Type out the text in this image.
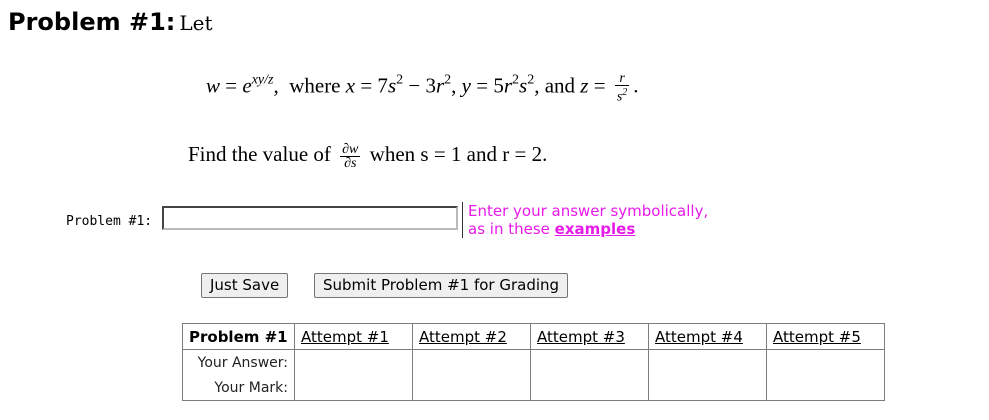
Problem #1: Let
$w = e^{xy/z}$,  where $x = 7s^2 - 3r^2$, $y = 5r^2s^2$, and $z = \frac{r}{s^2}$ .
Find the value of $\frac{\partial w}{\partial s}$ when s = 1 and r = 2.
Problem #1:
Enter your answer symbolically,
as in these examples
Just Save	Submit Problem #1 for Grading
Problem #1	Attempt #1	Attempt #2	Attempt #3	Attempt #4	Attempt #5
Your Answer:					
Your Mark:					
